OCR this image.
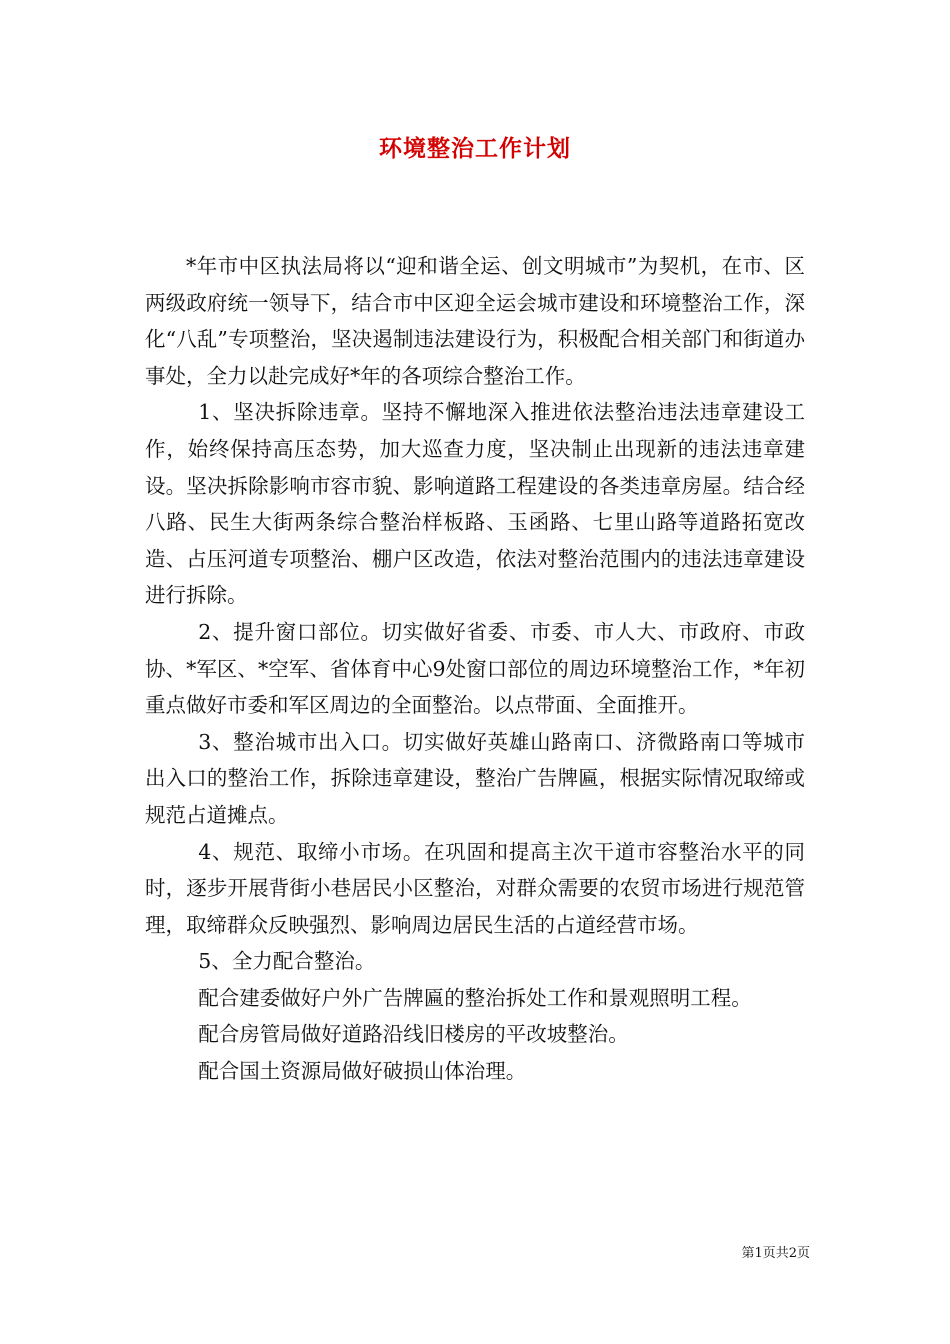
环境整治工作计划

*年市中区执法局将以“迎和谐全运、创文明城市”为契机，在市、区两级政府统一领导下，结合市中区迎全运会城市建设和环境整治工作，深化“八乱”专项整治，坚决遏制违法建设行为，积极配合相关部门和街道办事处，全力以赴完成好*年的各项综合整治工作。

1、坚决拆除违章。坚持不懈地深入推进依法整治违法违章建设工作，始终保持高压态势，加大巡查力度，坚决制止出现新的违法违章建设。坚决拆除影响市容市貌、影响道路工程建设的各类违章房屋。结合经八路、民生大街两条综合整治样板路、玉函路、七里山路等道路拓宽改造、占压河道专项整治、棚户区改造，依法对整治范围内的违法违章建设进行拆除。

2、提升窗口部位。切实做好省委、市委、市人大、市政府、市政协、*军区、*空军、省体育中心9处窗口部位的周边环境整治工作，*年初重点做好市委和军区周边的全面整治。以点带面、全面推开。

3、整治城市出入口。切实做好英雄山路南口、济微路南口等城市出入口的整治工作，拆除违章建设，整治广告牌匾，根据实际情况取缔或规范占道摊点。

4、规范、取缔小市场。在巩固和提高主次干道市容整治水平的同时，逐步开展背街小巷居民小区整治，对群众需要的农贸市场进行规范管理，取缔群众反映强烈、影响周边居民生活的占道经营市场。

5、全力配合整治。

配合建委做好户外广告牌匾的整治拆处工作和景观照明工程。

配合房管局做好道路沿线旧楼房的平改坡整治。

配合国土资源局做好破损山体治理。

第1页共2页
